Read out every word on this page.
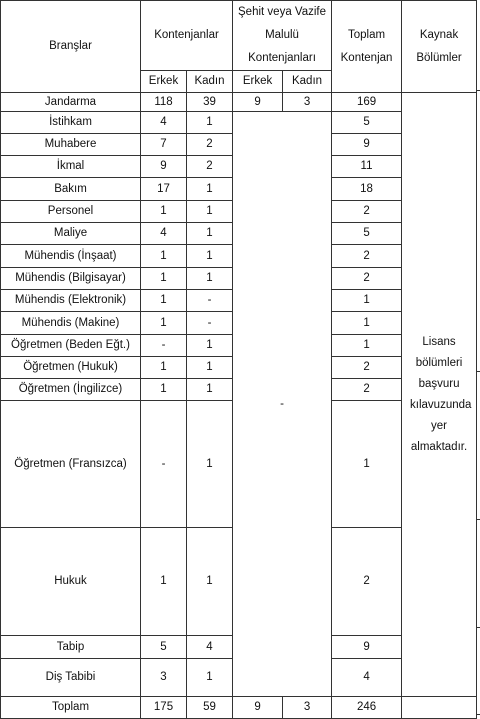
Branşlar	Kontenjanlar		Şehit veya Vazife Malulü Kontenjanları		Toplam Kontenjan	Kaynak Bölümler
	Erkek	Kadın	Erkek	Kadın		
Jandarma	118	39	9	3	169	Lisans bölümleri başvuru kılavuzunda yer almaktadır.
İstihkam	4	1	-		5	
Muhabere	7	2			9	
İkmal	9	2			11	
Bakım	17	1			18	
Personel	1	1			2	
Maliye	4	1			5	
Mühendis (İnşaat)	1	1			2	
Mühendis (Bilgisayar)	1	1			2	
Mühendis (Elektronik)	1	-			1	
Mühendis (Makine)	1	-			1	
Öğretmen (Beden Eğt.)	-	1			1	
Öğretmen (Hukuk)	1	1			2	
Öğretmen (İngilizce)	1	1			2	
Öğretmen (Fransızca)	-	1			1	
Hukuk	1	1			2	
Tabip	5	4			9	
Diş Tabibi	3	1			4	
Toplam	175	59	9	3	246	
